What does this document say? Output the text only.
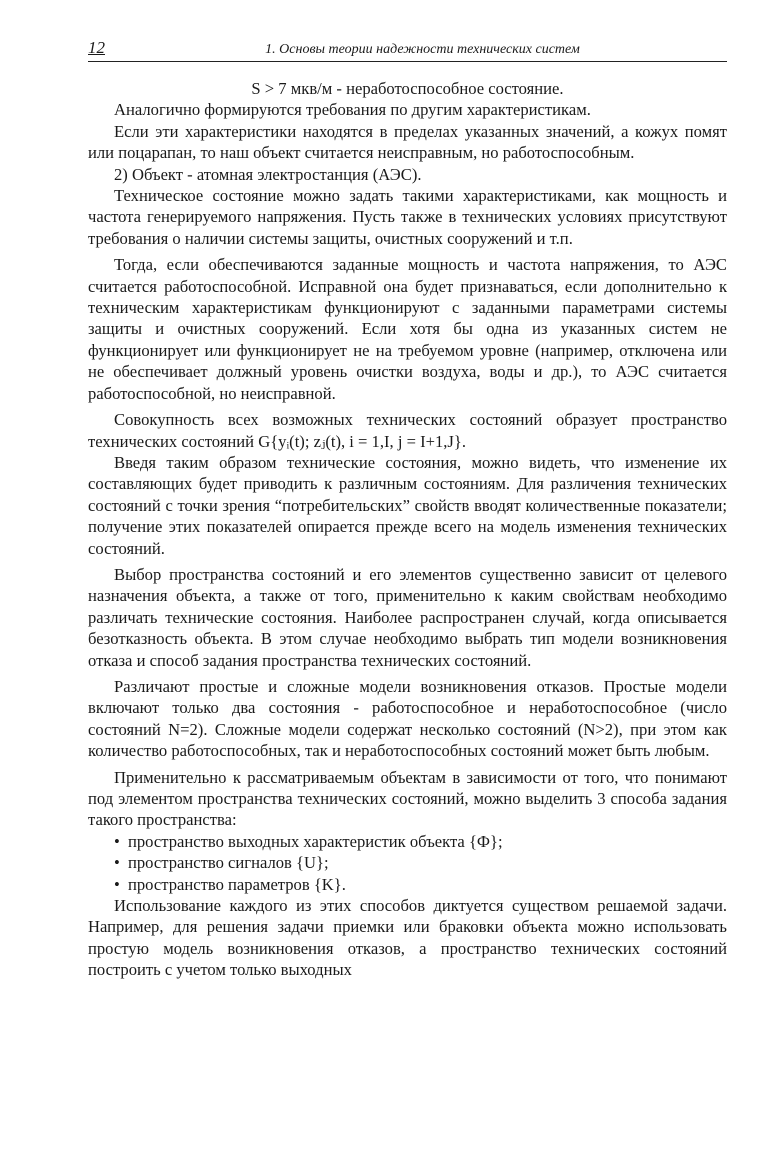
12	1. Основы теории надежности технических систем

S > 7 мкв/м - неработоспособное состояние.

Аналогично формируются требования по другим характеристикам.

Если эти характеристики находятся в пределах указанных значений, а кожух помят или поцарапан, то наш объект считается неисправным, но работоспособным.

2) Объект - атомная электростанция (АЭС).

Техническое состояние можно задать такими характеристиками, как мощность и частота генерируемого напряжения. Пусть также в технических условиях присутствуют требования о наличии системы защиты, очистных сооружений и т.п.

Тогда, если обеспечиваются заданные мощность и частота напряжения, то АЭС считается работоспособной. Исправной она будет признаваться, если дополнительно к техническим характеристикам функционируют с заданными параметрами системы защиты и очистных сооружений. Если хотя бы одна из указанных систем не функционирует или функционирует не на требуемом уровне (например, отключена или не обеспечивает должный уровень очистки воздуха, воды и др.), то АЭС считается работоспособной, но неисправной.

Совокупность всех возможных технических состояний образует пространство технических состояний G{yᵢ(t); zⱼ(t), i = 1,I, j = I+1,J}.

Введя таким образом технические состояния, можно видеть, что изменение их составляющих будет приводить к различным состояниям. Для различения технических состояний с точки зрения “потребительских” свойств вводят количественные показатели; получение этих показателей опирается прежде всего на модель изменения технических состояний.

Выбор пространства состояний и его элементов существенно зависит от целевого назначения объекта, а также от того, применительно к каким свойствам необходимо различать технические состояния. Наиболее распространен случай, когда описывается безотказность объекта. В этом случае необходимо выбрать тип модели возникновения отказа и способ задания пространства технических состояний.

Различают простые и сложные модели возникновения отказов. Простые модели включают только два состояния - работоспособное и неработоспособное (число состояний N=2). Сложные модели содержат несколько состояний (N>2), при этом как количество работоспособных, так и неработоспособных состояний может быть любым.

Применительно к рассматриваемым объектам в зависимости от того, что понимают под элементом пространства технических состояний, можно выделить 3 способа задания такого пространства:

• пространство выходных характеристик объекта {Ф};
• пространство сигналов {U};
• пространство параметров {K}.

Использование каждого из этих способов диктуется существом решаемой задачи. Например, для решения задачи приемки или браковки объекта можно использовать простую модель возникновения отказов, а пространство технических состояний построить с учетом только выходных
